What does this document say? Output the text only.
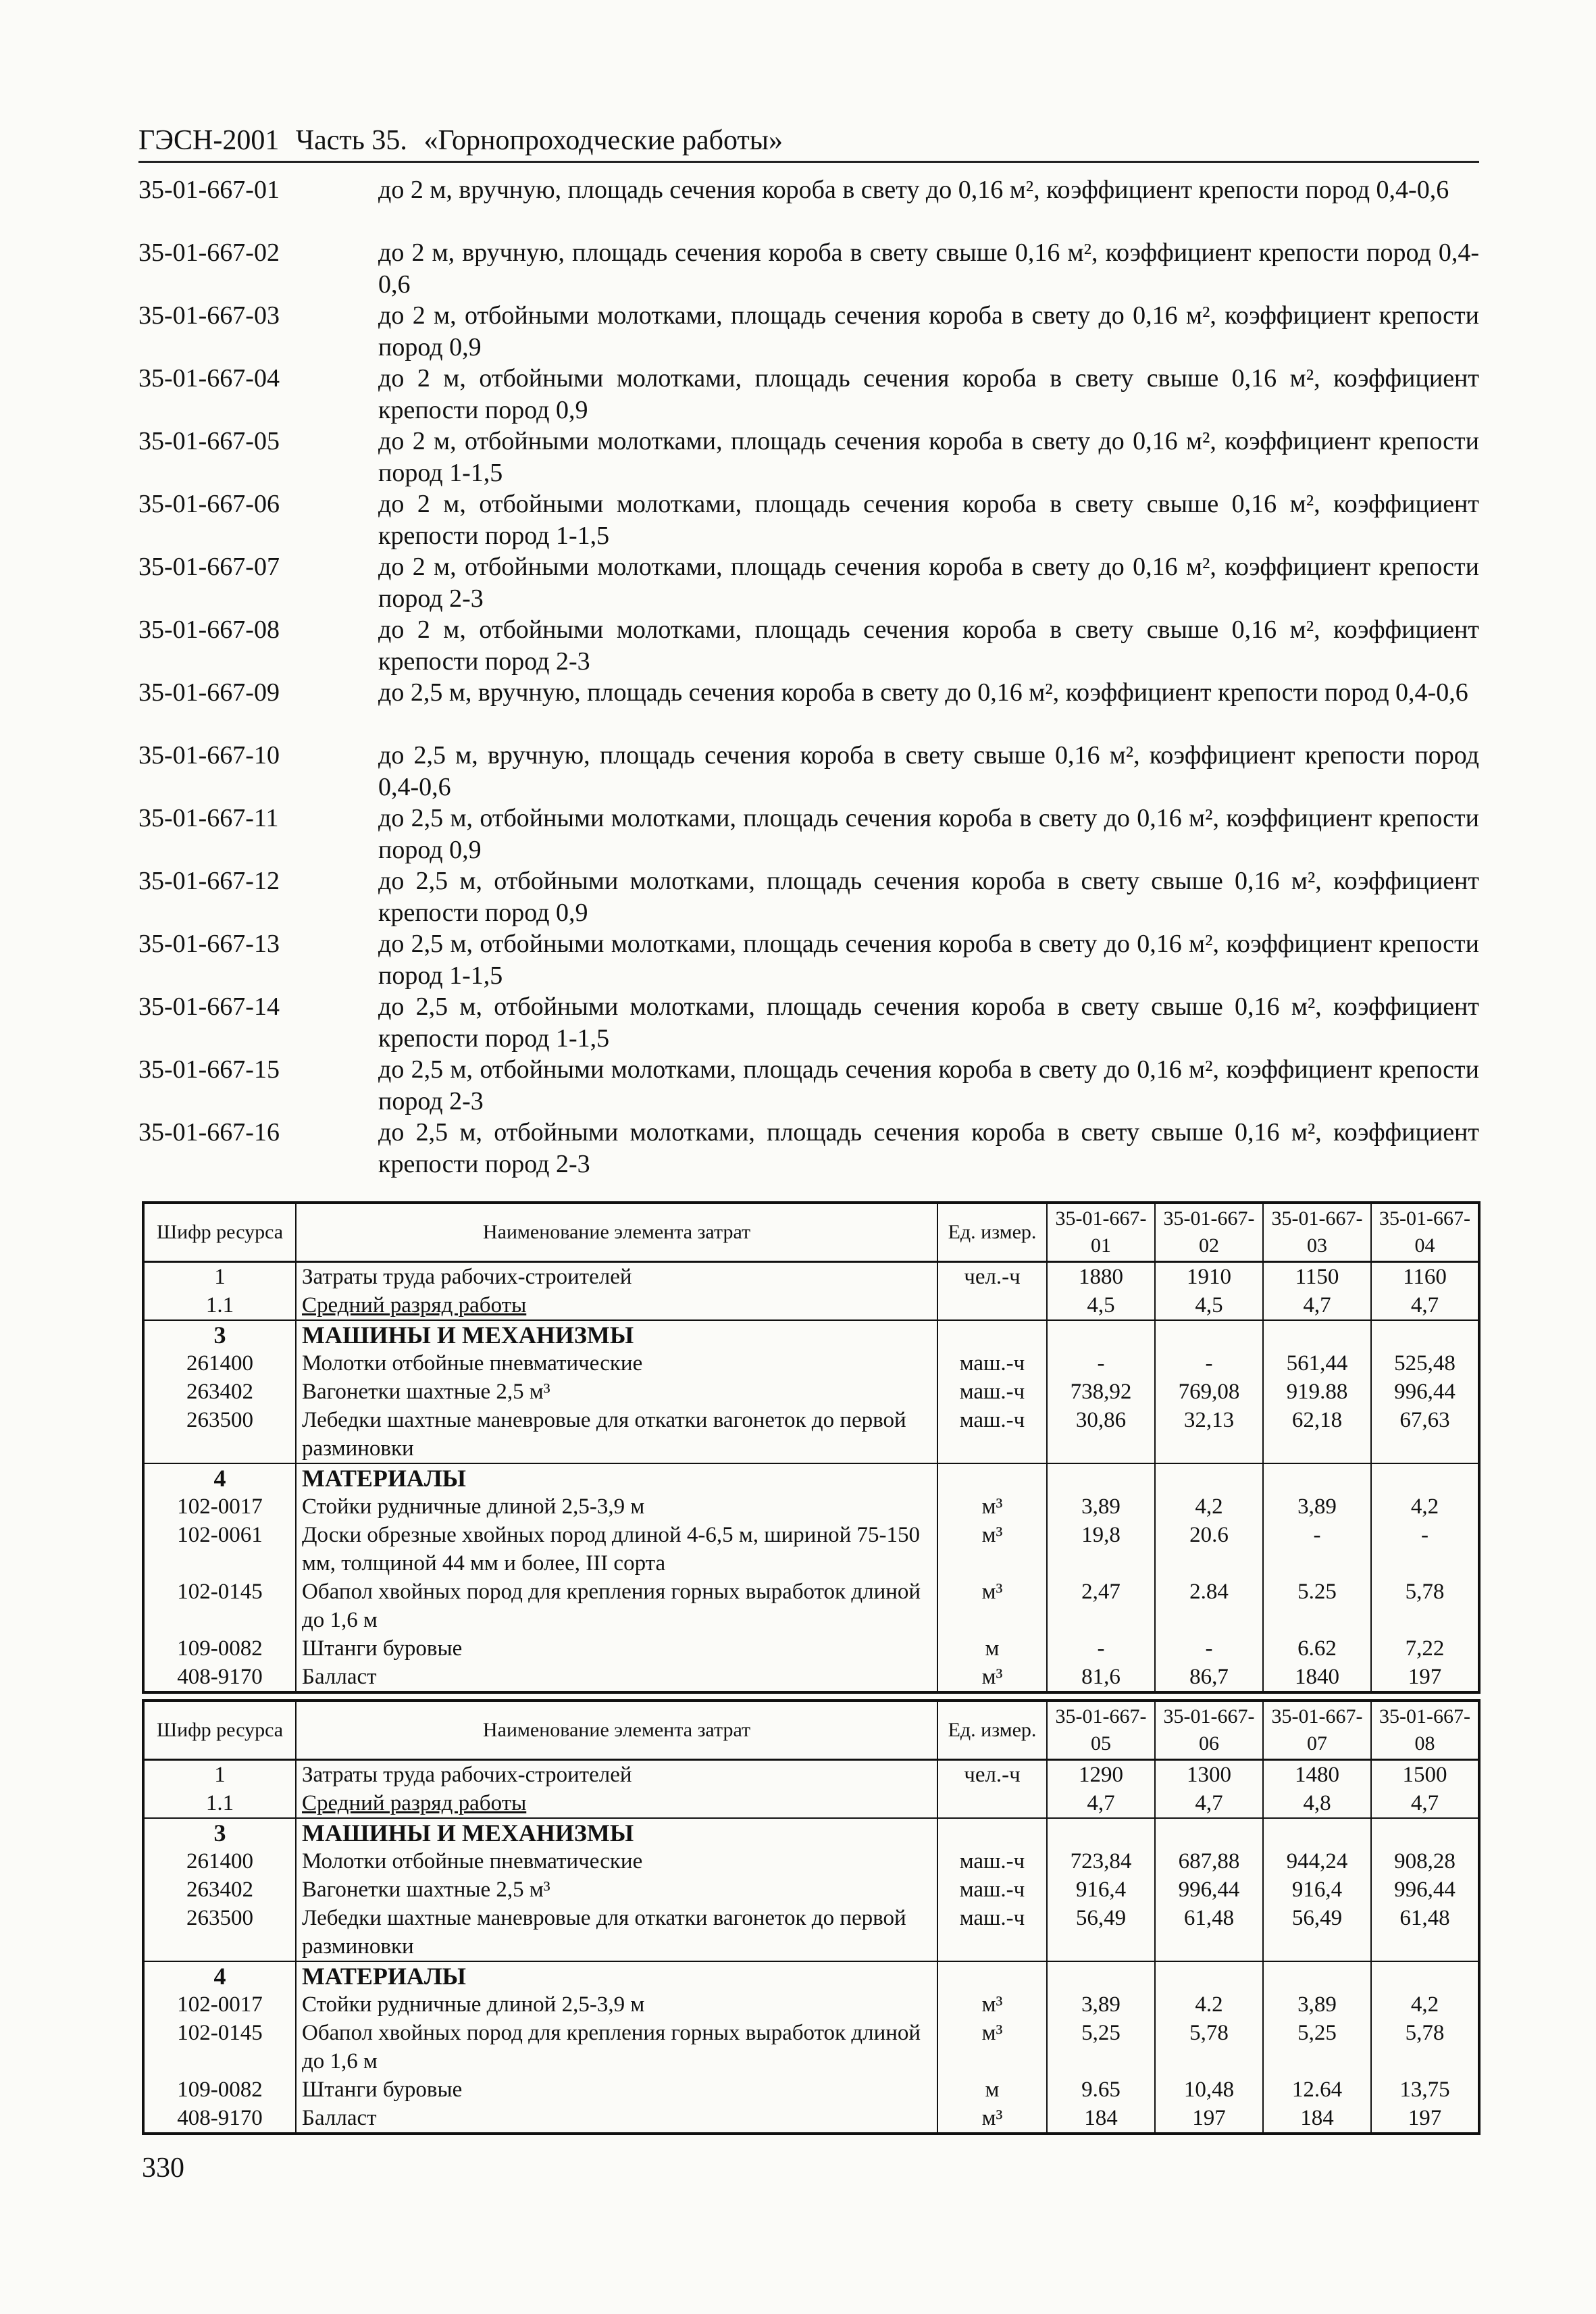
ГЭСН-2001 Часть 35. «Горнопроходческие работы»
35-01-667-01	до 2 м, вручную, площадь сечения короба в свету до 0,16 м², коэффициент крепости пород 0,4-0,6
35-01-667-02	до 2 м, вручную, площадь сечения короба в свету свыше 0,16 м², коэффициент крепости пород 0,4-0,6
35-01-667-03	до 2 м, отбойными молотками, площадь сечения короба в свету до 0,16 м², коэффициент крепости пород 0,9
35-01-667-04	до 2 м, отбойными молотками, площадь сечения короба в свету свыше 0,16 м², коэффициент крепости пород 0,9
35-01-667-05	до 2 м, отбойными молотками, площадь сечения короба в свету до 0,16 м², коэффициент крепости пород 1-1,5
35-01-667-06	до 2 м, отбойными молотками, площадь сечения короба в свету свыше 0,16 м², коэффициент крепости пород 1-1,5
35-01-667-07	до 2 м, отбойными молотками, площадь сечения короба в свету до 0,16 м², коэффициент крепости пород 2-3
35-01-667-08	до 2 м, отбойными молотками, площадь сечения короба в свету свыше 0,16 м², коэффициент крепости пород 2-3
35-01-667-09	до 2,5 м, вручную, площадь сечения короба в свету до 0,16 м², коэффициент крепости пород 0,4-0,6
35-01-667-10	до 2,5 м, вручную, площадь сечения короба в свету свыше 0,16 м², коэффициент крепости пород 0,4-0,6
35-01-667-11	до 2,5 м, отбойными молотками, площадь сечения короба в свету до 0,16 м², коэффициент крепости пород 0,9
35-01-667-12	до 2,5 м, отбойными молотками, площадь сечения короба в свету свыше 0,16 м², коэффициент крепости пород 0,9
35-01-667-13	до 2,5 м, отбойными молотками, площадь сечения короба в свету до 0,16 м², коэффициент крепости пород 1-1,5
35-01-667-14	до 2,5 м, отбойными молотками, площадь сечения короба в свету свыше 0,16 м², коэффициент крепости пород 1-1,5
35-01-667-15	до 2,5 м, отбойными молотками, площадь сечения короба в свету до 0,16 м², коэффициент крепости пород 2-3
35-01-667-16	до 2,5 м, отбойными молотками, площадь сечения короба в свету свыше 0,16 м², коэффициент крепости пород 2-3
Шифр ресурса	Наименование элемента затрат	Ед. измер.	35-01-667-01	35-01-667-02	35-01-667-03	35-01-667-04
1	Затраты труда рабочих-строителей	чел.-ч	1880	1910	1150	1160
1.1	Средний разряд работы		4,5	4,5	4,7	4,7
3	МАШИНЫ И МЕХАНИЗМЫ					
261400	Молотки отбойные пневматические	маш.-ч	-	-	561,44	525,48
263402	Вагонетки шахтные 2,5 м³	маш.-ч	738,92	769,08	919.88	996,44
263500	Лебедки шахтные маневровые для откатки вагонеток до первой разминовки	маш.-ч	30,86	32,13	62,18	67,63
4	МАТЕРИАЛЫ					
102-0017	Стойки рудничные длиной 2,5-3,9 м	м³	3,89	4,2	3,89	4,2
102-0061	Доски обрезные хвойных пород длиной 4-6,5 м, шириной 75-150 мм, толщиной 44 мм и более, III сорта	м³	19,8	20.6	-	-
102-0145	Обапол хвойных пород для крепления горных выработок длиной до 1,6 м	м³	2,47	2.84	5.25	5,78
109-0082	Штанги буровые	м	-	-	6.62	7,22
408-9170	Балласт	м³	81,6	86,7	1840	197
Шифр ресурса	Наименование элемента затрат	Ед. измер.	35-01-667-05	35-01-667-06	35-01-667-07	35-01-667-08
1	Затраты труда рабочих-строителей	чел.-ч	1290	1300	1480	1500
1.1	Средний разряд работы		4,7	4,7	4,8	4,7
3	МАШИНЫ И МЕХАНИЗМЫ					
261400	Молотки отбойные пневматические	маш.-ч	723,84	687,88	944,24	908,28
263402	Вагонетки шахтные 2,5 м³	маш.-ч	916,4	996,44	916,4	996,44
263500	Лебедки шахтные маневровые для откатки вагонеток до первой разминовки	маш.-ч	56,49	61,48	56,49	61,48
4	МАТЕРИАЛЫ					
102-0017	Стойки рудничные длиной 2,5-3,9 м	м³	3,89	4.2	3,89	4,2
102-0145	Обапол хвойных пород для крепления горных выработок длиной до 1,6 м	м³	5,25	5,78	5,25	5,78
109-0082	Штанги буровые	м	9.65	10,48	12.64	13,75
408-9170	Балласт	м³	184	197	184	197
330
